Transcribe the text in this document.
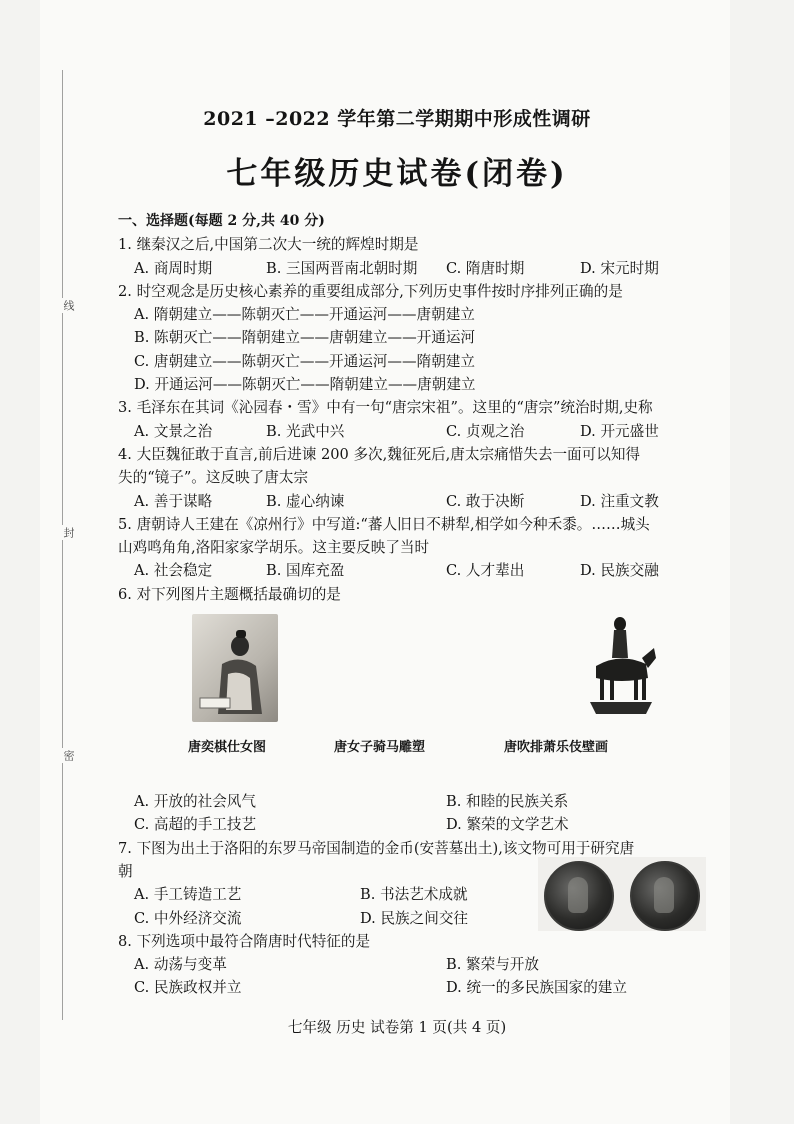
线
封
密
2021 –2022 学年第二学期期中形成性调研
七年级历史试卷(闭卷)
一、选择题(每题 2 分,共 40 分)
1. 继秦汉之后,中国第二次大一统的辉煌时期是
A. 商周时期	B. 三国两晋南北朝时期	C. 隋唐时期	D. 宋元时期
2. 时空观念是历史核心素养的重要组成部分,下列历史事件按时序排列正确的是
A. 隋朝建立——陈朝灭亡——开通运河——唐朝建立
B. 陈朝灭亡——隋朝建立——唐朝建立——开通运河
C. 唐朝建立——陈朝灭亡——开通运河——隋朝建立
D. 开通运河——陈朝灭亡——隋朝建立——唐朝建立
3. 毛泽东在其词《沁园春・雪》中有一句“唐宗宋祖”。这里的“唐宗”统治时期,史称
A. 文景之治	B. 光武中兴	C. 贞观之治	D. 开元盛世
4. 大臣魏征敢于直言,前后进谏 200 多次,魏征死后,唐太宗痛惜失去一面可以知得
失的“镜子”。这反映了唐太宗
A. 善于谋略	B. 虚心纳谏	C. 敢于决断	D. 注重文教
5. 唐朝诗人王建在《凉州行》中写道:“蕃人旧日不耕犁,相学如今种禾黍。……城头
山鸡鸣角角,洛阳家家学胡乐。这主要反映了当时
A. 社会稳定	B. 国库充盈	C. 人才辈出	D. 民族交融
6. 对下列图片主题概括最确切的是
唐奕棋仕女图	唐女子骑马雕塑	唐吹排萧乐伎壁画
A. 开放的社会风气	B. 和睦的民族关系
C. 高超的手工技艺	D. 繁荣的文学艺术
7. 下图为出土于洛阳的东罗马帝国制造的金币(安菩墓出土),该文物可用于研究唐
朝
A. 手工铸造工艺	B. 书法艺术成就
C. 中外经济交流	D. 民族之间交往
8. 下列选项中最符合隋唐时代特征的是
A. 动荡与变革	B. 繁荣与开放
C. 民族政权并立	D. 统一的多民族国家的建立
七年级 历史 试卷第 1 页(共 4 页)
